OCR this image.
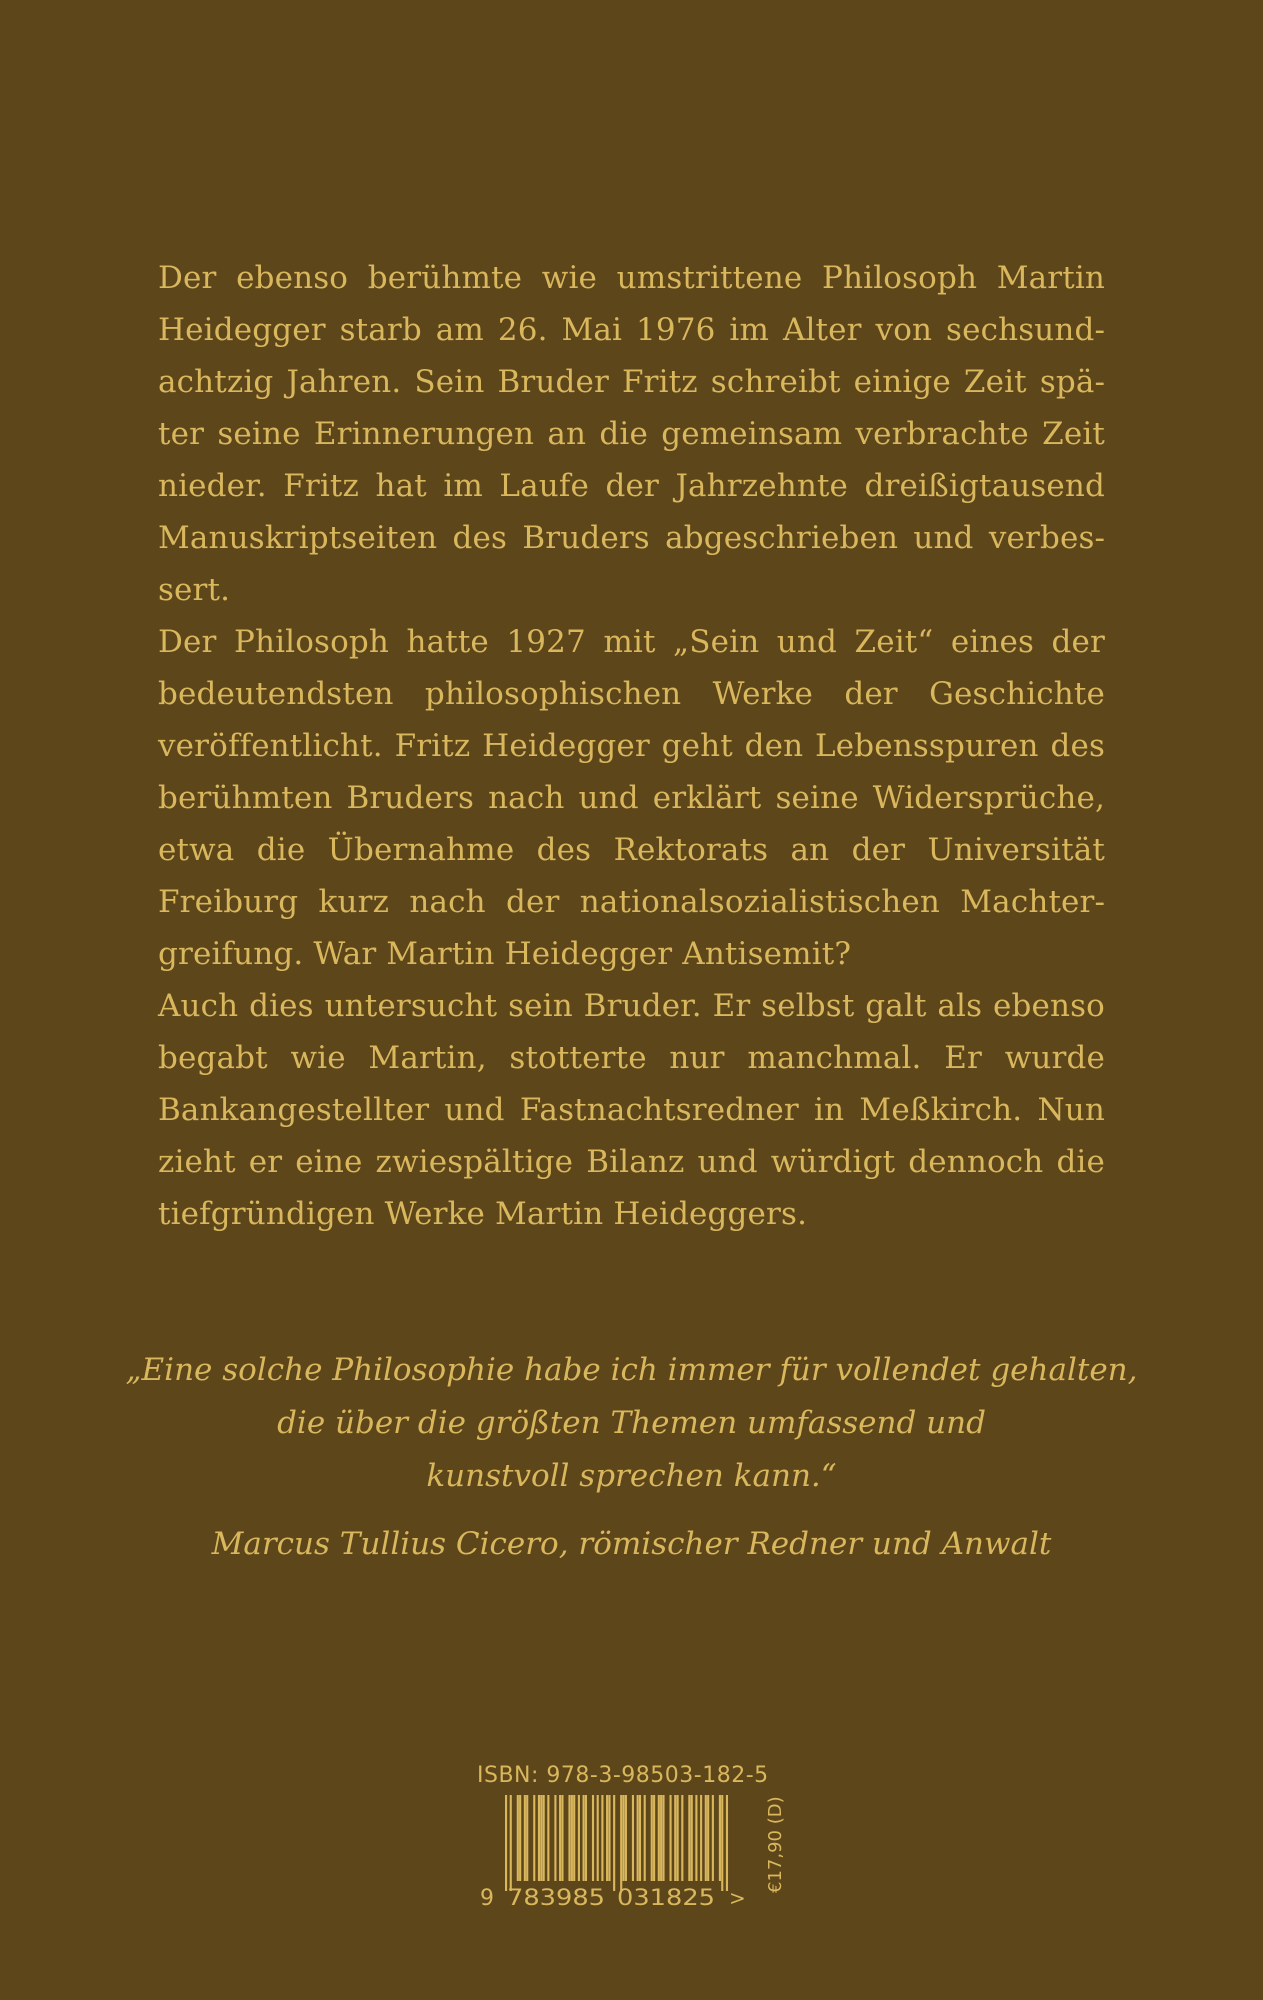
Der ebenso berühmte wie umstrittene Philosoph Martin Heidegger starb am 26. Mai 1976 im Alter von sechsundachtzig Jahren. Sein Bruder Fritz schreibt einige Zeit später seine Erinnerungen an die gemeinsam verbrachte Zeit nieder. Fritz hat im Laufe der Jahrzehnte dreißigtausend Manuskriptseiten des Bruders abgeschrieben und verbessert.

Der Philosoph hatte 1927 mit „Sein und Zeit“ eines der bedeutendsten philosophischen Werke der Geschichte veröffentlicht. Fritz Heidegger geht den Lebensspuren des berühmten Bruders nach und erklärt seine Widersprüche, etwa die Übernahme des Rektorats an der Universität Freiburg kurz nach der nationalsozialistischen Machtergreifung. War Martin Heidegger Antisemit?

Auch dies untersucht sein Bruder. Er selbst galt als ebenso begabt wie Martin, stotterte nur manchmal. Er wurde Bankangestellter und Fastnachtsredner in Meßkirch. Nun zieht er eine zwiespältige Bilanz und würdigt dennoch die tiefgründigen Werke Martin Heideggers.

„Eine solche Philosophie habe ich immer für vollendet gehalten,

die über die größten Themen umfassend und

kunstvoll sprechen kann.“

Marcus Tullius Cicero, römischer Redner und Anwalt

ISBN: 978-3-98503-182-5
9 783985 031825 >
€17,90 (D)
